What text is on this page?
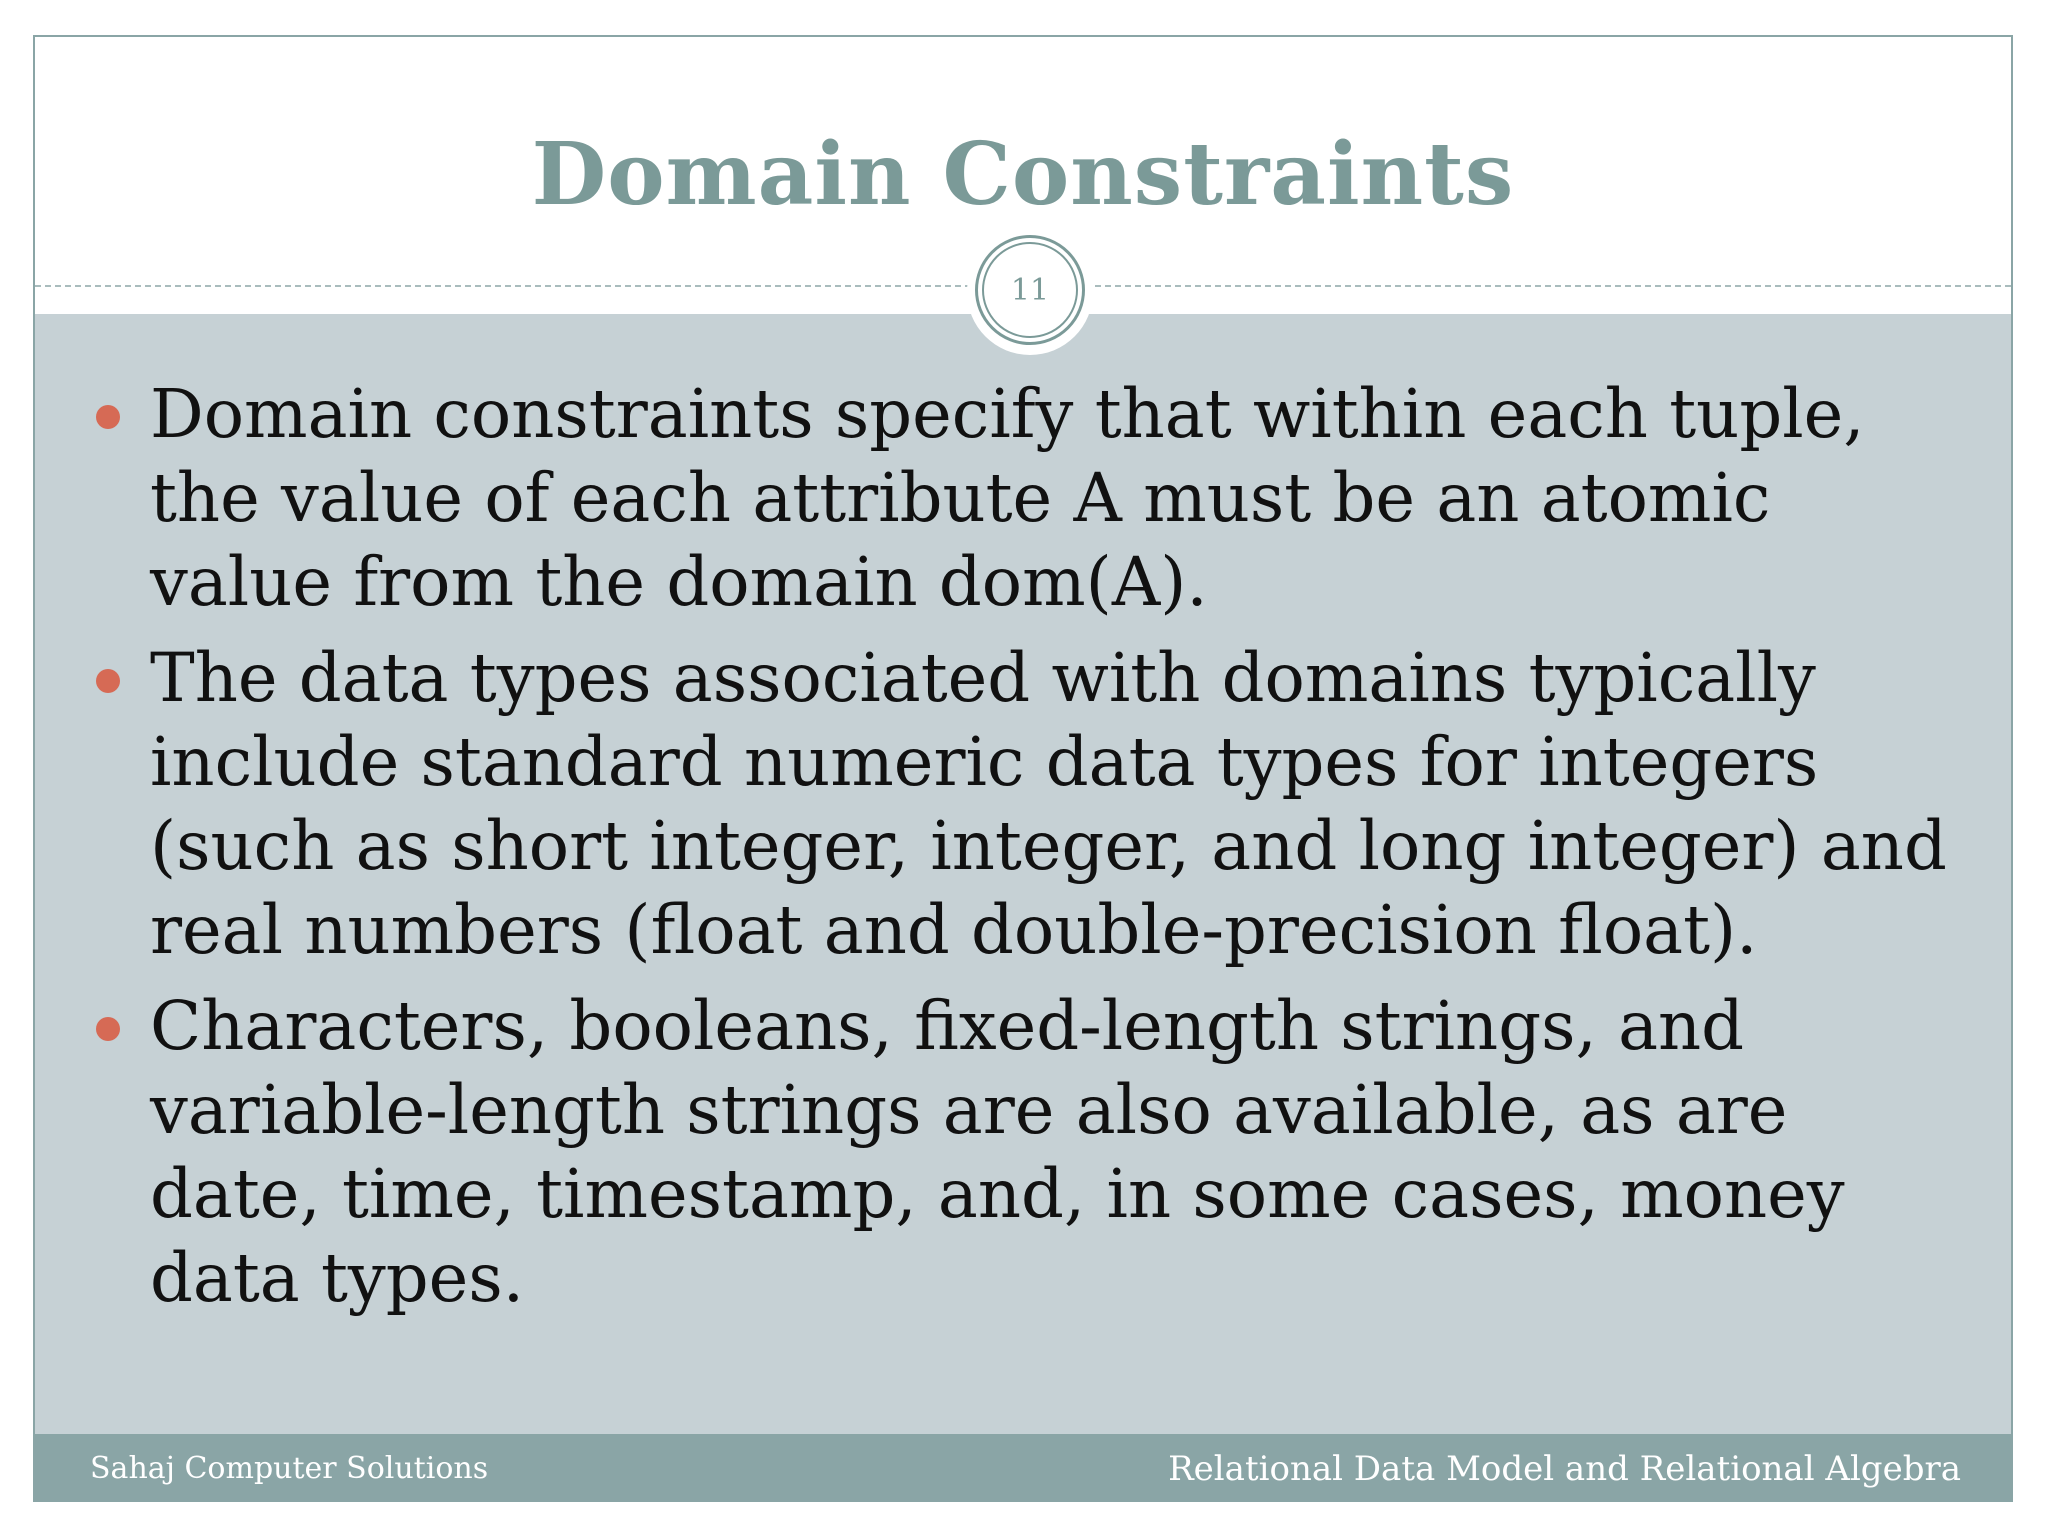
Domain Constraints
11
Domain constraints specify that within each tuple, the value of each attribute A must be an atomic value from the domain dom(A).
The data types associated with domains typically include standard numeric data types for integers (such as short integer, integer, and long integer) and real numbers (float and double-precision float).
Characters, booleans, fixed-length strings, and variable-length strings are also available, as are date, time, timestamp, and, in some cases, money data types.
Sahaj Computer Solutions	Relational Data Model and Relational Algebra
